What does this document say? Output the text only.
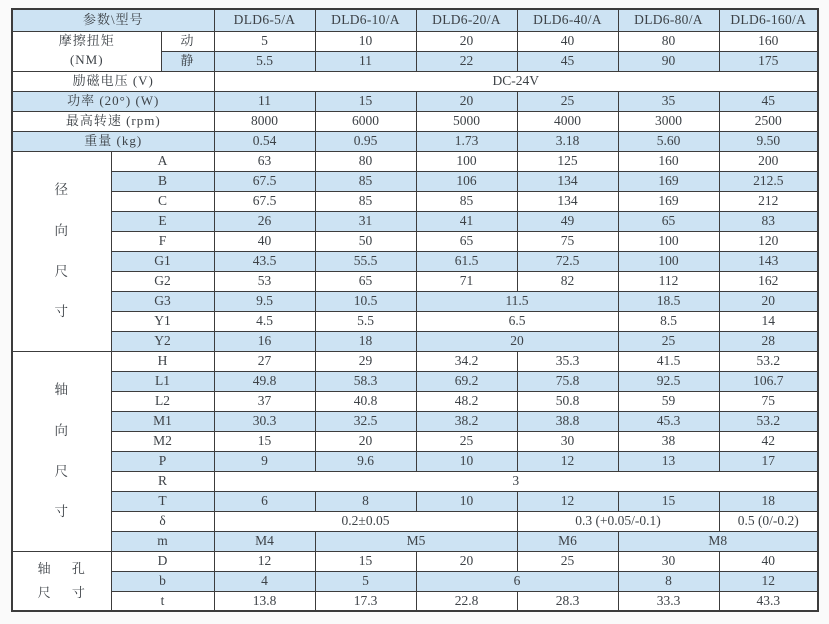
参数\型号			DLD6-5/A	DLD6-10/A	DLD6-20/A	DLD6-40/A	DLD6-80/A	DLD6-160/A

摩擦扭矩
(NM)		动	5	10	20	40	80	160
		静	5.5	11	22	45	90	175
励磁电压 (V)			DC-24V					
功率 (20°) (W)			11	15	20	25	35	45
最高转速 (rpm)			8000	6000	5000	4000	3000	2500
重量 (kg)			0.54	0.95	1.73	3.18	5.60	9.50

径
向
尺
寸	A		63	80	100	125	160	200
	B		67.5	85	106	134	169	212.5
	C		67.5	85	85	134	169	212
	E		26	31	41	49	65	83
	F		40	50	65	75	100	120
	G1		43.5	55.5	61.5	72.5	100	143
	G2		53	65	71	82	112	162
	G3		9.5	10.5	11.5		18.5	20
	Y1		4.5	5.5	6.5		8.5	14
	Y2		16	18	20		25	28

轴
向
尺
寸	H		27	29	34.2	35.3	41.5	53.2
	L1		49.8	58.3	69.2	75.8	92.5	106.7
	L2		37	40.8	48.2	50.8	59	75
	M1		30.3	32.5	38.2	38.8	45.3	53.2
	M2		15	20	25	30	38	42
	P		9	9.6	10	12	13	17
	R		3					
	T		6	8	10	12	15	18
	δ		0.2±0.05			0.3 (+0.05/-0.1)		0.5 (0/-0.2)
	m		M4	M5		M6	M8	

轴 孔
尺 寸	D		12	15	20	25	30	40
	b		4	5	6		8	12
	t		13.8	17.3	22.8	28.3	33.3	43.3
